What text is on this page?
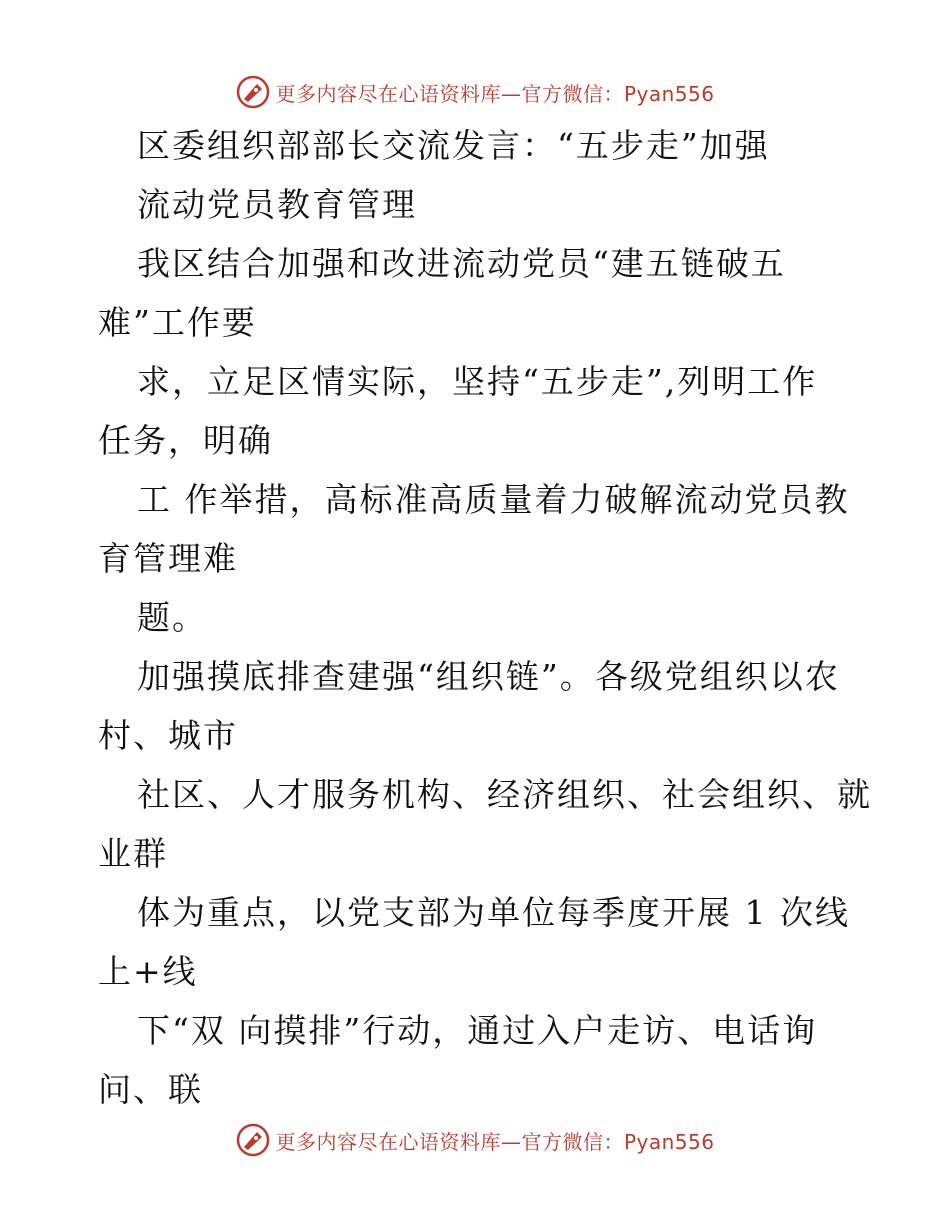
更多内容尽在心语资料库—官方微信：Pyan556
区委组织部部长交流发言：“五步走”加强
流动党员教育管理
我区结合加强和改进流动党员“建五链破五
难”工作要
求，立足区情实际，坚持“五步走”,列明工作
任务，明确
工 作举措，高标准高质量着力破解流动党员教
育管理难
题。
加强摸底排查建强“组织链”。各级党组织以农
村、城市
社区、人才服务机构、经济组织、社会组织、就
业群
体为重点，以党支部为单位每季度开展 1 次线
上+线
下“双 向摸排”行动，通过入户走访、电话询
问、联
更多内容尽在心语资料库—官方微信：Pyan556
